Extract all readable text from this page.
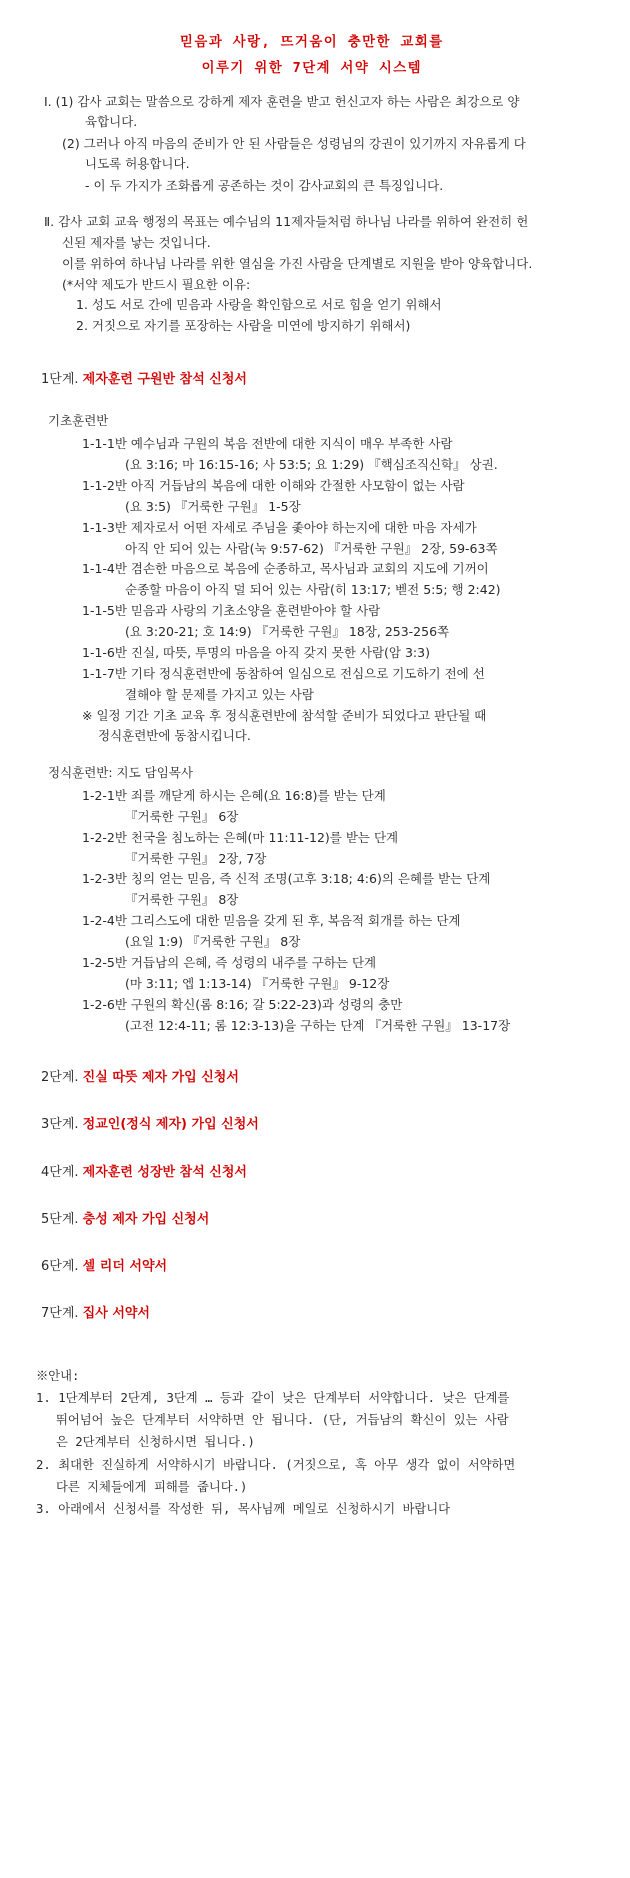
믿음과 사랑, 뜨거움이 충만한 교회를
이루기 위한 7단계 서약 시스템
Ⅰ. (1) 감사 교회는 말씀으로 강하게 제자 훈련을 받고 헌신고자 하는 사람은 최강으로 양
육합니다.
(2) 그러나 아직 마음의 준비가 안 된 사람들은 성령님의 강권이 있기까지 자유롭게 다
니도록 허용합니다.
- 이 두 가지가 조화롭게 공존하는 것이 감사교회의 큰 특징입니다.
Ⅱ. 감사 교회 교육 행정의 목표는 예수님의 11제자들처럼 하나님 나라를 위하여 완전히 헌
신된 제자를 낳는 것입니다.
이를 위하여 하나님 나라를 위한 열심을 가진 사람을 단계별로 지원을 받아 양육합니다.
(*서약 제도가 반드시 필요한 이유:
1. 성도 서로 간에 믿음과 사랑을 확인함으로 서로 힘을 얻기 위해서
2. 거짓으로 자기를 포장하는 사람을 미연에 방지하기 위해서)
1단계. 제자훈련 구원반 참석 신청서
기초훈련반
1-1-1반 예수님과 구원의 복음 전반에 대한 지식이 매우 부족한 사람
(요 3:16; 마 16:15-16; 사 53:5; 요 1:29) 『핵심조직신학』 상권.
1-1-2반 아직 거듭남의 복음에 대한 이해와 간절한 사모함이 없는 사람
(요 3:5) 『거룩한 구원』 1-5장
1-1-3반 제자로서 어떤 자세로 주님을 좇아야 하는지에 대한 마음 자세가
아직 안 되어 있는 사람(눅 9:57-62) 『거룩한 구원』 2장, 59-63쪽
1-1-4반 겸손한 마음으로 복음에 순종하고, 목사님과 교회의 지도에 기꺼이
순종할 마음이 아직 덜 되어 있는 사람(히 13:17; 벧전 5:5; 행 2:42)
1-1-5반 믿음과 사랑의 기초소양을 훈련받아야 할 사람
(요 3:20-21; 호 14:9) 『거룩한 구원』 18장, 253-256쪽
1-1-6반 진실, 따뜻, 투명의 마음을 아직 갖지 못한 사람(암 3:3)
1-1-7반 기타 정식훈련반에 동참하여 일심으로 전심으로 기도하기 전에 선
결해야 할 문제를 가지고 있는 사람
※ 일정 기간 기초 교육 후 정식훈련반에 참석할 준비가 되었다고 판단될 때
정식훈련반에 동참시킵니다.
정식훈련반: 지도 담임목사
1-2-1반 죄를 깨닫게 하시는 은혜(요 16:8)를 받는 단계
『거룩한 구원』 6장
1-2-2반 천국을 침노하는 은혜(마 11:11-12)를 받는 단계
『거룩한 구원』 2장, 7장
1-2-3반 칭의 얻는 믿음, 즉 신적 조명(고후 3:18; 4:6)의 은혜를 받는 단계
『거룩한 구원』 8장
1-2-4반 그리스도에 대한 믿음을 갖게 된 후, 복음적 회개를 하는 단계
(요일 1:9) 『거룩한 구원』 8장
1-2-5반 거듭남의 은혜, 즉 성령의 내주를 구하는 단계
(마 3:11; 엡 1:13-14) 『거룩한 구원』 9-12장
1-2-6반 구원의 확신(롬 8:16; 갈 5:22-23)과 성령의 충만
(고전 12:4-11; 롬 12:3-13)을 구하는 단계 『거룩한 구원』 13-17장
2단계. 진실 따뜻 제자 가입 신청서
3단계. 정교인(정식 제자) 가입 신청서
4단계. 제자훈련 성장반 참석 신청서
5단계. 충성 제자 가입 신청서
6단계. 셀 리더 서약서
7단계. 집사 서약서
※안내:
1. 1단계부터 2단계, 3단계 … 등과 같이 낮은 단계부터 서약합니다. 낮은 단계를
뛰어넘어 높은 단계부터 서약하면 안 됩니다. (단, 거듭남의 확신이 있는 사람
은 2단계부터 신청하시면 됩니다.)
2. 최대한 진실하게 서약하시기 바랍니다. (거짓으로, 혹 아무 생각 없이 서약하면
다른 지체들에게 피해를 줍니다.)
3. 아래에서 신청서를 작성한 뒤, 목사님께 메일로 신청하시기 바랍니다
